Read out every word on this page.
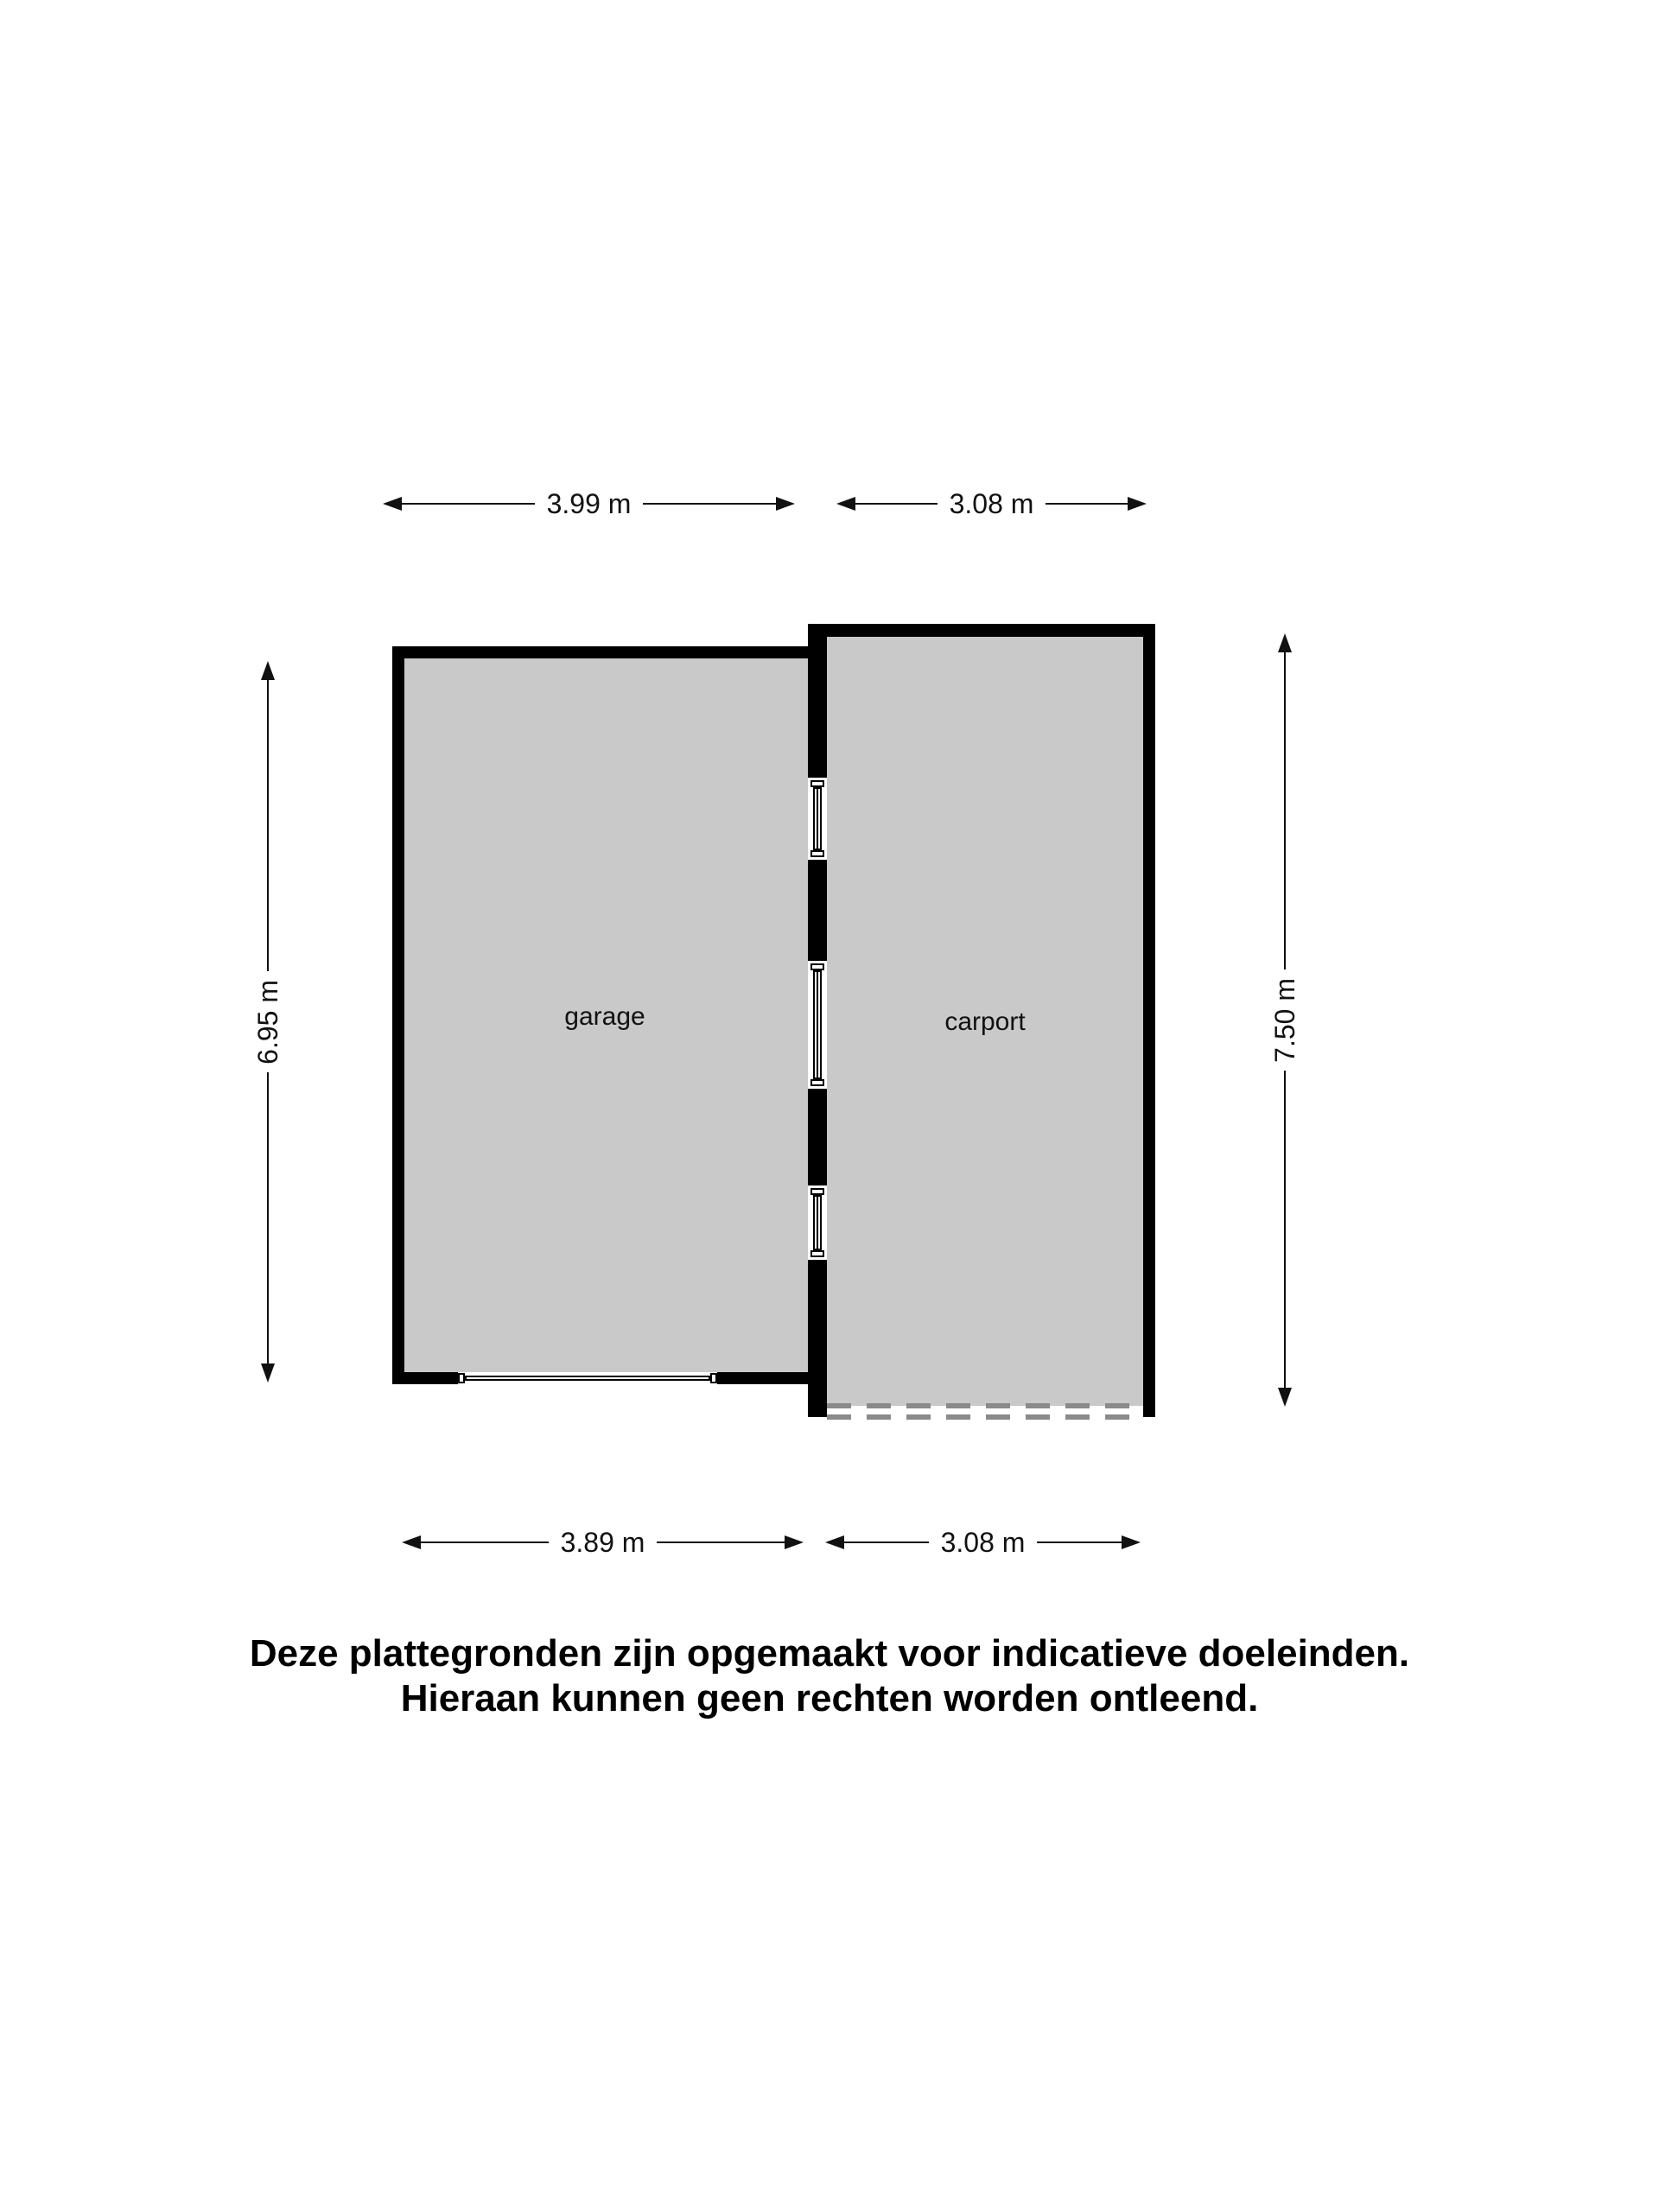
garage	carport
3.99 m	3.08 m
3.89 m	3.08 m
6.95 m	7.50 m
Deze plattegronden zijn opgemaakt voor indicatieve doeleinden.
Hieraan kunnen geen rechten worden ontleend.
